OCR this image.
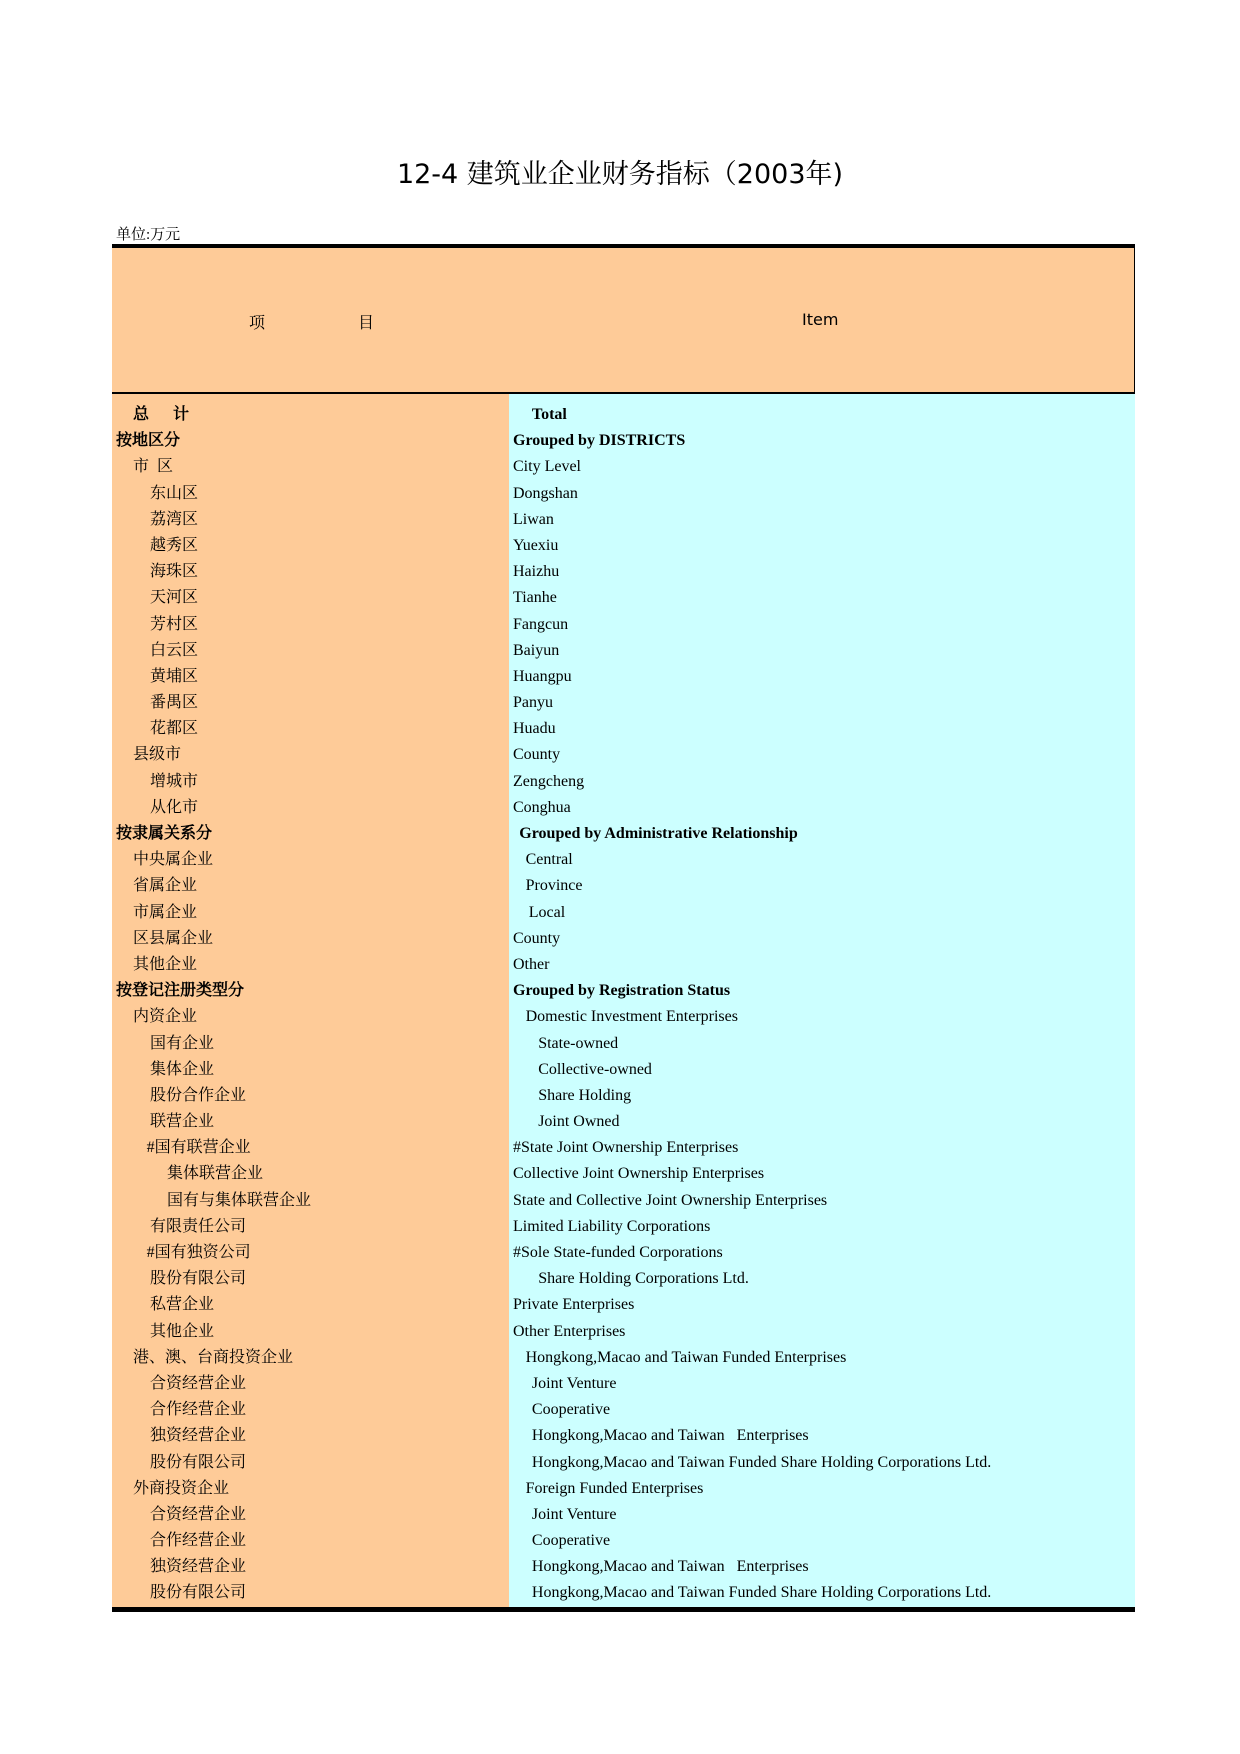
12-4 建筑业企业财务指标（2003年)
单位:万元
项	目	Item
总      计
按地区分
市  区
东山区
荔湾区
越秀区
海珠区
天河区
芳村区
白云区
黄埔区
番禺区
花都区
县级市
增城市
从化市
按隶属关系分
中央属企业
省属企业
市属企业
区县属企业
其他企业
按登记注册类型分
内资企业
国有企业
集体企业
股份合作企业
联营企业
#国有联营企业
集体联营企业
国有与集体联营企业
有限责任公司
#国有独资公司
股份有限公司
私营企业
其他企业
港、澳、台商投资企业
合资经营企业
合作经营企业
独资经营企业
股份有限公司
外商投资企业
合资经营企业
合作经营企业
独资经营企业
股份有限公司
Total
Grouped by DISTRICTS
City Level
Dongshan
Liwan
Yuexiu
Haizhu
Tianhe
Fangcun
Baiyun
Huangpu
Panyu
Huadu
County
Zengcheng
Conghua
Grouped by Administrative Relationship
Central
Province
Local
County
Other
Grouped by Registration Status
Domestic Investment Enterprises
State-owned
Collective-owned
Share Holding
Joint Owned
#State Joint Ownership Enterprises
Collective Joint Ownership Enterprises
State and Collective Joint Ownership Enterprises
Limited Liability Corporations
#Sole State-funded Corporations
Share Holding Corporations Ltd.
Private Enterprises
Other Enterprises
Hongkong,Macao and Taiwan Funded Enterprises
Joint Venture
Cooperative
Hongkong,Macao and Taiwan   Enterprises
Hongkong,Macao and Taiwan Funded Share Holding Corporations Ltd.
Foreign Funded Enterprises
Joint Venture
Cooperative
Hongkong,Macao and Taiwan   Enterprises
Hongkong,Macao and Taiwan Funded Share Holding Corporations Ltd.
